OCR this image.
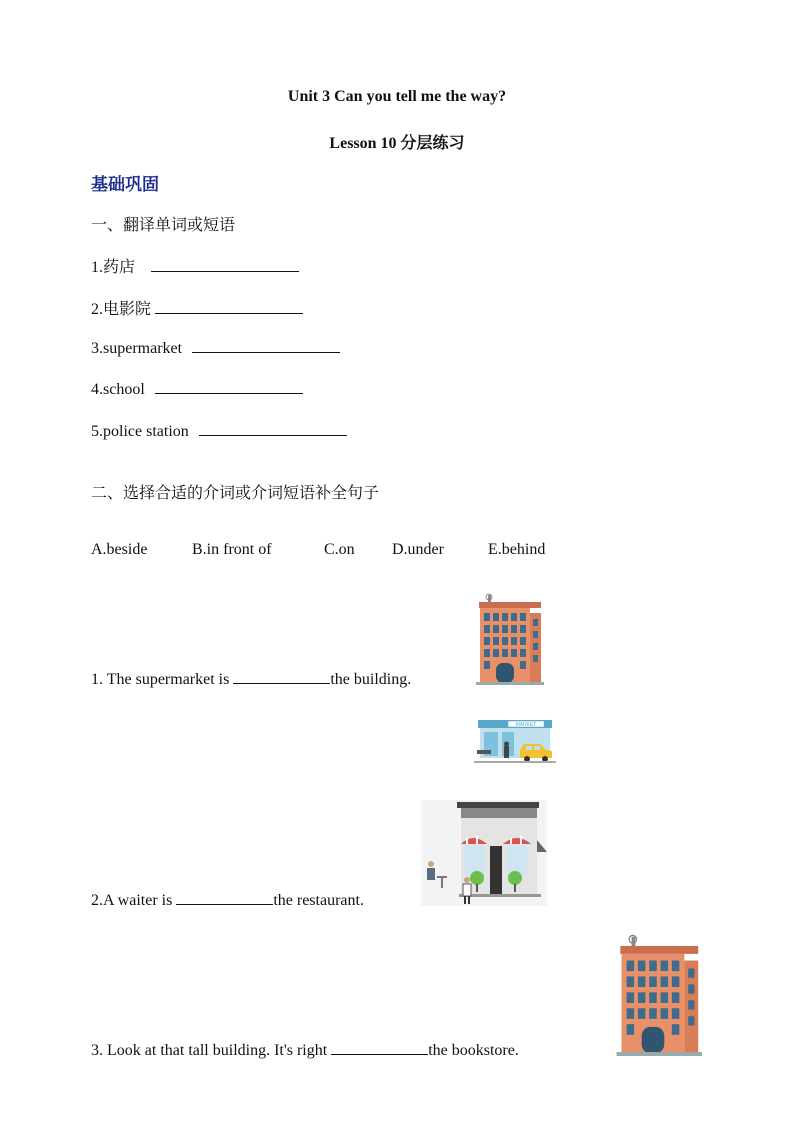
Unit 3 Can you tell me the way?
Lesson 10 分层练习
基础巩固
一、翻译单词或短语
1.药店
2.电影院
3.supermarket
4.school
5.police station
二、选择合适的介词或介词短语补全句子
A.beside	B.in front of	C.on D.under	E.behind
1. The supermarket is	the building.
MARKET
2.A waiter is	the restaurant.
3. Look at that tall building. It's right	the bookstore.
